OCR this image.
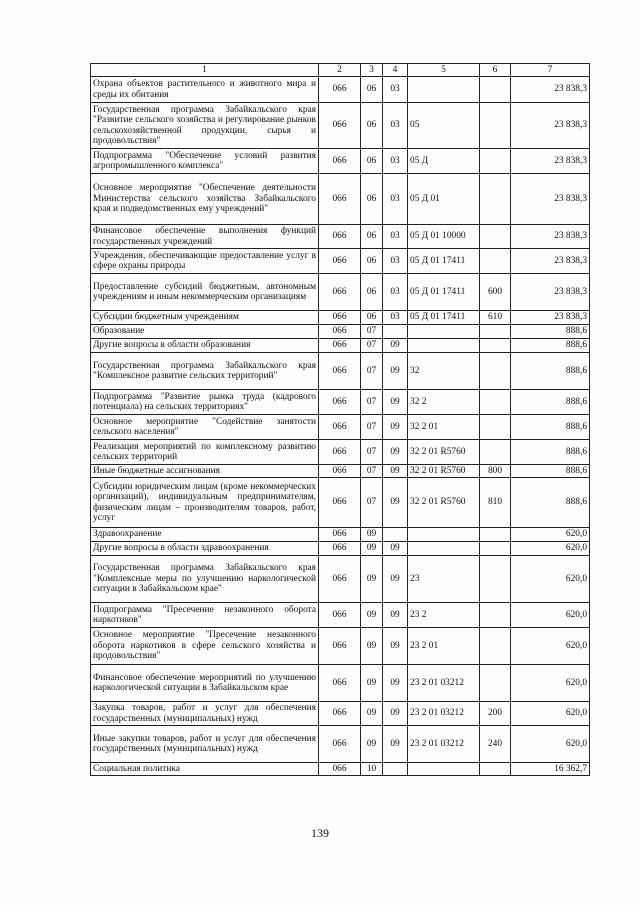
1	2	3	4	5	6	7
Охрана объектов растительного и животного мира и среды их обитания	066	06	03			23 838,3
Государственная программа Забайкальского края "Развитие сельского хозяйства и регулирование рынков сельскохозяйственной продукции, сырья и продовольствия"	066	06	03	05		23 838,3
Подпрограмма "Обеспечение условий развития агропромышленного комплекса"	066	06	03	05 Д		23 838,3
Основное мероприятие "Обеспечение деятельности Министерства сельского хозяйства Забайкальского края и подведомственных ему учреждений"	066	06	03	05 Д 01		23 838,3
Финансовое обеспечение выполнения функций государственных учреждений	066	06	03	05 Д 01 10000		23 838,3
Учреждения, обеспечивающие предоставление услуг в сфере охраны природы	066	06	03	05 Д 01 17411		23 838,3
Предоставление субсидий бюджетным, автономным учреждениям и иным некоммерческим организациям	066	06	03	05 Д 01 17411	600	23 838,3
Субсидии бюджетным учреждениям	066	06	03	05 Д 01 17411	610	23 838,3
Образование	066	07				888,6
Другие вопросы в области образования	066	07	09			888,6
Государственная программа Забайкальского края "Комплексное развитие сельских территорий"	066	07	09	32		888,6
Подпрограмма "Развитие рынка труда (кадрового потенциала) на сельских территориях"	066	07	09	32 2		888,6
Основное мероприятие "Содействие занятости сельского населения"	066	07	09	32 2 01		888,6
Реализация мероприятий по комплексному развитию сельских территорий	066	07	09	32 2 01 R5760		888,6
Иные бюджетные ассигнования	066	07	09	32 2 01 R5760	800	888,6
Субсидии юридическим лицам (кроме некоммерческих организаций), индивидуальным предпринимателям, физическим лицам – производителям товаров, работ, услуг	066	07	09	32 2 01 R5760	810	888,6
Здравоохранение	066	09				620,0
Другие вопросы в области здравоохранения	066	09	09			620,0
Государственная программа Забайкальского края "Комплексные меры по улучшению наркологической ситуации в Забайкальском крае"	066	09	09	23		620,0
Подпрограмма "Пресечение незаконного оборота наркотиков"	066	09	09	23 2		620,0
Основное мероприятие "Пресечение незаконного оборота наркотиков в сфере сельского хозяйства и продовольствия"	066	09	09	23 2 01		620,0
Финансовое обеспечение мероприятий по улучшению наркологической ситуации в Забайкальском крае	066	09	09	23 2 01 03212		620,0
Закупка товаров, работ и услуг для обеспечения государственных (муниципальных) нужд	066	09	09	23 2 01 03212	200	620,0
Иные закупки товаров, работ и услуг для обеспечения государственных (муниципальных) нужд	066	09	09	23 2 01 03212	240	620,0
Социальная политика	066	10				16 362,7
139
